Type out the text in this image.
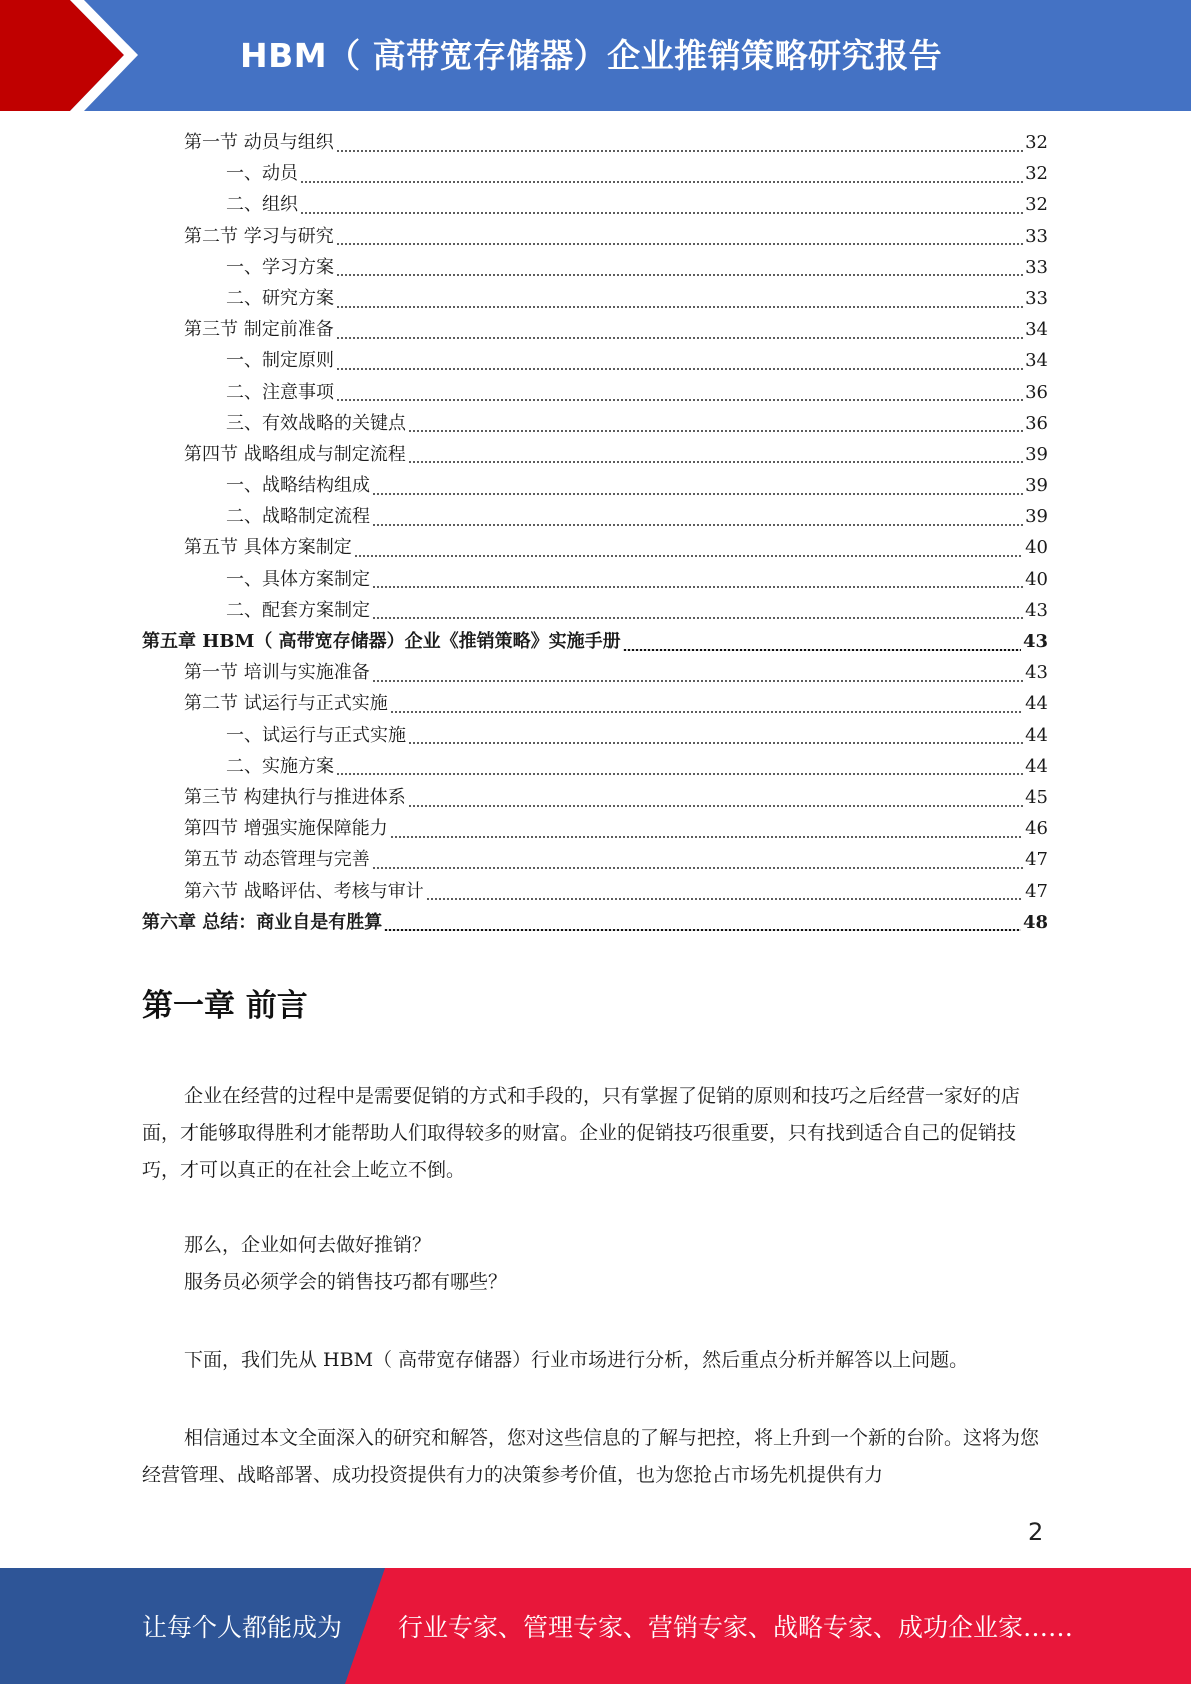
HBM（ 高带宽存储器）企业推销策略研究报告
第一节 动员与组织	32
一、动员	32
二、组织	32
第二节 学习与研究	33
一、学习方案	33
二、研究方案	33
第三节 制定前准备	34
一、制定原则	34
二、注意事项	36
三、有效战略的关键点	36
第四节 战略组成与制定流程	39
一、战略结构组成	39
二、战略制定流程	39
第五节 具体方案制定	40
一、具体方案制定	40
二、配套方案制定	43
第五章 HBM（ 高带宽存储器）企业《推销策略》实施手册	43
第一节 培训与实施准备	43
第二节 试运行与正式实施	44
一、试运行与正式实施	44
二、实施方案	44
第三节 构建执行与推进体系	45
第四节 增强实施保障能力	46
第五节 动态管理与完善	47
第六节 战略评估、考核与审计	47
第六章 总结：商业自是有胜算	48
第一章 前言
企业在经营的过程中是需要促销的方式和手段的，只有掌握了促销的原则和技巧之后经营一家好的店面，才能够取得胜利才能帮助人们取得较多的财富。企业的促销技巧很重要，只有找到适合自己的促销技巧，才可以真正的在社会上屹立不倒。
那么，企业如何去做好推销？
服务员必须学会的销售技巧都有哪些？
下面，我们先从 HBM（ 高带宽存储器）行业市场进行分析，然后重点分析并解答以上问题。
相信通过本文全面深入的研究和解答，您对这些信息的了解与把控，将上升到一个新的台阶。这将为您经营管理、战略部署、成功投资提供有力的决策参考价值，也为您抢占市场先机提供有力
2
让每个人都能成为 行业专家、管理专家、营销专家、战略专家、成功企业家……
